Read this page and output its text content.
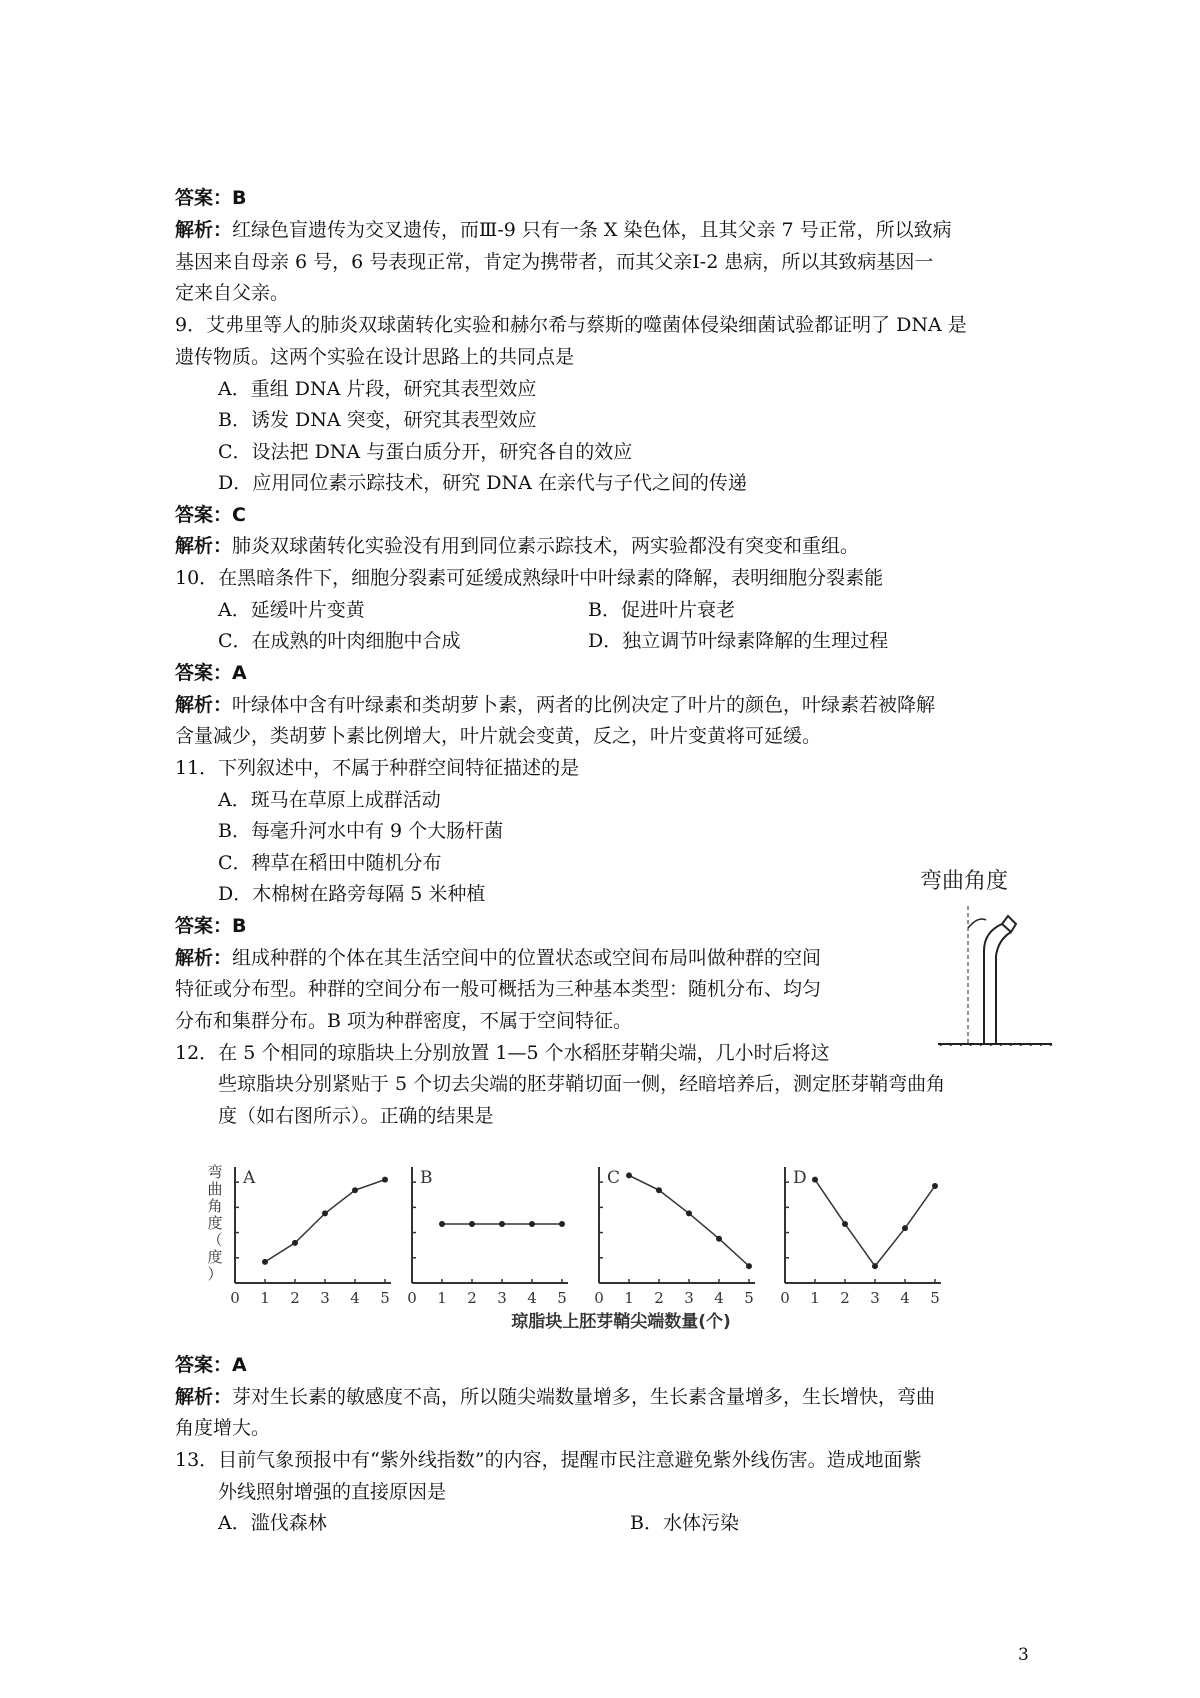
答案：B
解析：红绿色盲遗传为交叉遗传，而Ⅲ-9 只有一条 X 染色体，且其父亲 7 号正常，所以致病
基因来自母亲 6 号，6 号表现正常，肯定为携带者，而其父亲Ⅰ-2 患病，所以其致病基因一
定来自父亲。
9．艾弗里等人的肺炎双球菌转化实验和赫尔希与蔡斯的噬菌体侵染细菌试验都证明了 DNA 是
遗传物质。这两个实验在设计思路上的共同点是
A．重组 DNA 片段，研究其表型效应
B．诱发 DNA 突变，研究其表型效应
C．设法把 DNA 与蛋白质分开，研究各自的效应
D．应用同位素示踪技术，研究 DNA 在亲代与子代之间的传递
答案：C
解析：肺炎双球菌转化实验没有用到同位素示踪技术，两实验都没有突变和重组。
10．在黑暗条件下，细胞分裂素可延缓成熟绿叶中叶绿素的降解，表明细胞分裂素能
A．延缓叶片变黄	B．促进叶片衰老
C．在成熟的叶肉细胞中合成	D．独立调节叶绿素降解的生理过程
答案：A
解析：叶绿体中含有叶绿素和类胡萝卜素，两者的比例决定了叶片的颜色，叶绿素若被降解
含量减少，类胡萝卜素比例增大，叶片就会变黄，反之，叶片变黄将可延缓。
11．下列叙述中，不属于种群空间特征描述的是
A．斑马在草原上成群活动
B．每毫升河水中有 9 个大肠杆菌
C．稗草在稻田中随机分布
D．木棉树在路旁每隔 5 米种植
答案：B
解析：组成种群的个体在其生活空间中的位置状态或空间布局叫做种群的空间
特征或分布型。种群的空间分布一般可概括为三种基本类型：随机分布、均匀
分布和集群分布。B 项为种群密度，不属于空间特征。
12．在 5 个相同的琼脂块上分别放置 1—5 个水稻胚芽鞘尖端，几小时后将这
些琼脂块分别紧贴于 5 个切去尖端的胚芽鞘切面一侧，经暗培养后，测定胚芽鞘弯曲角
度（如右图所示）。正确的结果是
答案：A
解析：芽对生长素的敏感度不高，所以随尖端数量增多，生长素含量增多，生长增快，弯曲
角度增大。
13．目前气象预报中有“紫外线指数”的内容，提醒市民注意避免紫外线伤害。造成地面紫
外线照射增强的直接原因是
A．滥伐森林	B．水体污染
弯曲角度
弯
曲
角
度
（
度
）
A
0 1 2 3 4 5
B
0 1 2 3 4 5
C
0 1 2 3 4 5
D
0 1 2 3 4 5
琼脂块上胚芽鞘尖端数量(个)
3
